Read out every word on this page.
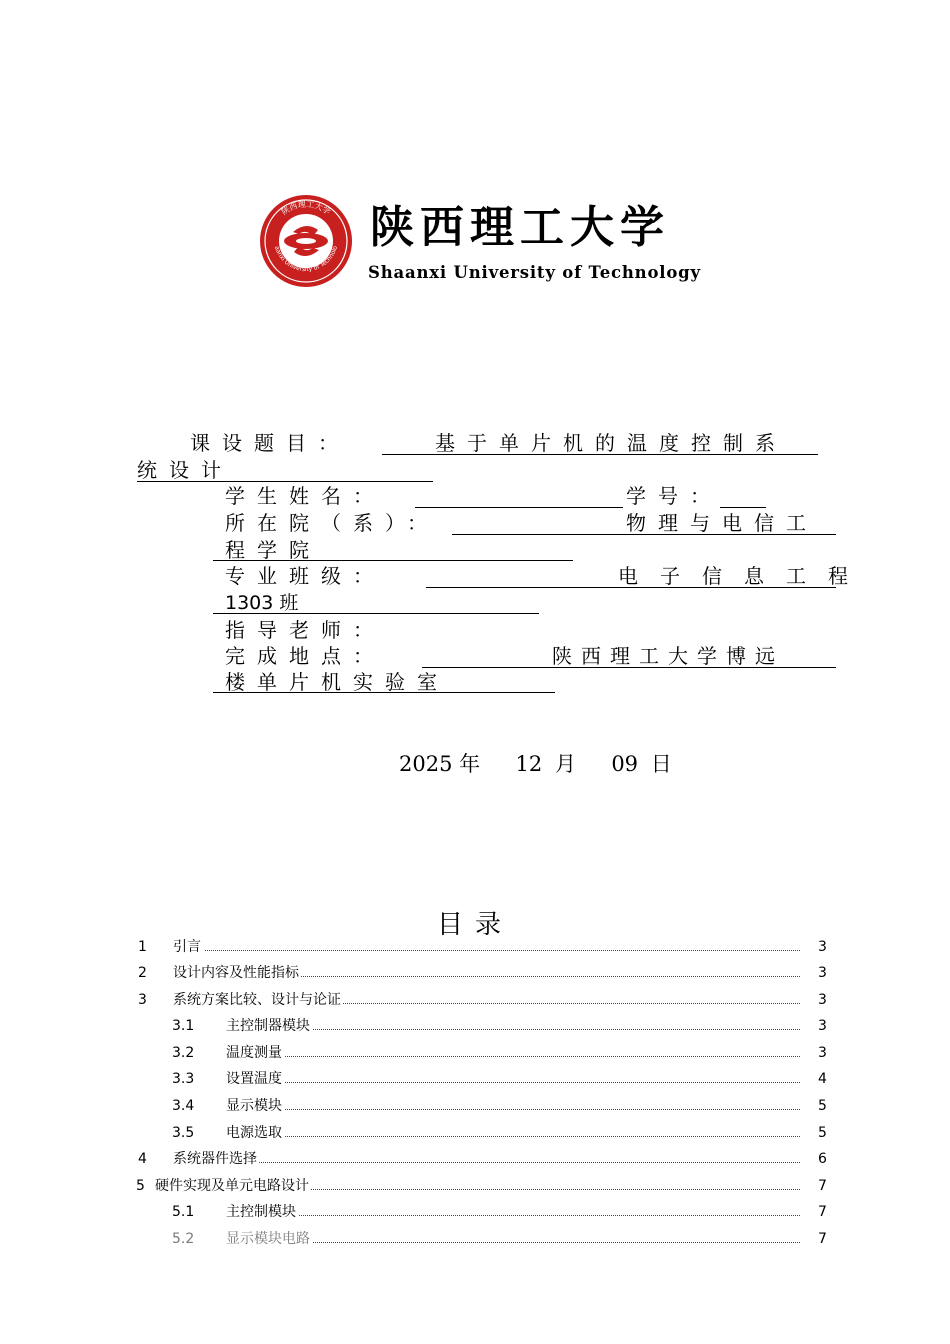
陕西理工大学
aanxi University of Technolo 陕西理工大学
Shaanxi University of Technology
课设题目：	基于单片机的温度控制系
统设计
学生姓名：	学号：
所在院（系）：	物理与电信工
程学院
专业班级：	电子信息工程
1303 班
指导老师：
完成地点：	陕西理工大学博远
楼单片机实验室
2025 年 12 月 09 日
目录
1 引言	3
2 设计内容及性能指标	3
3 系统方案比较、设计与论证	3
3.1 主控制器模块	3
3.2 温度测量	3
3.3 设置温度	4
3.4 显示模块	5
3.5 电源选取	5
4 系统器件选择	6
5 硬件实现及单元电路设计	7
5.1 主控制模块	7
5.2 显示模块电路	7
